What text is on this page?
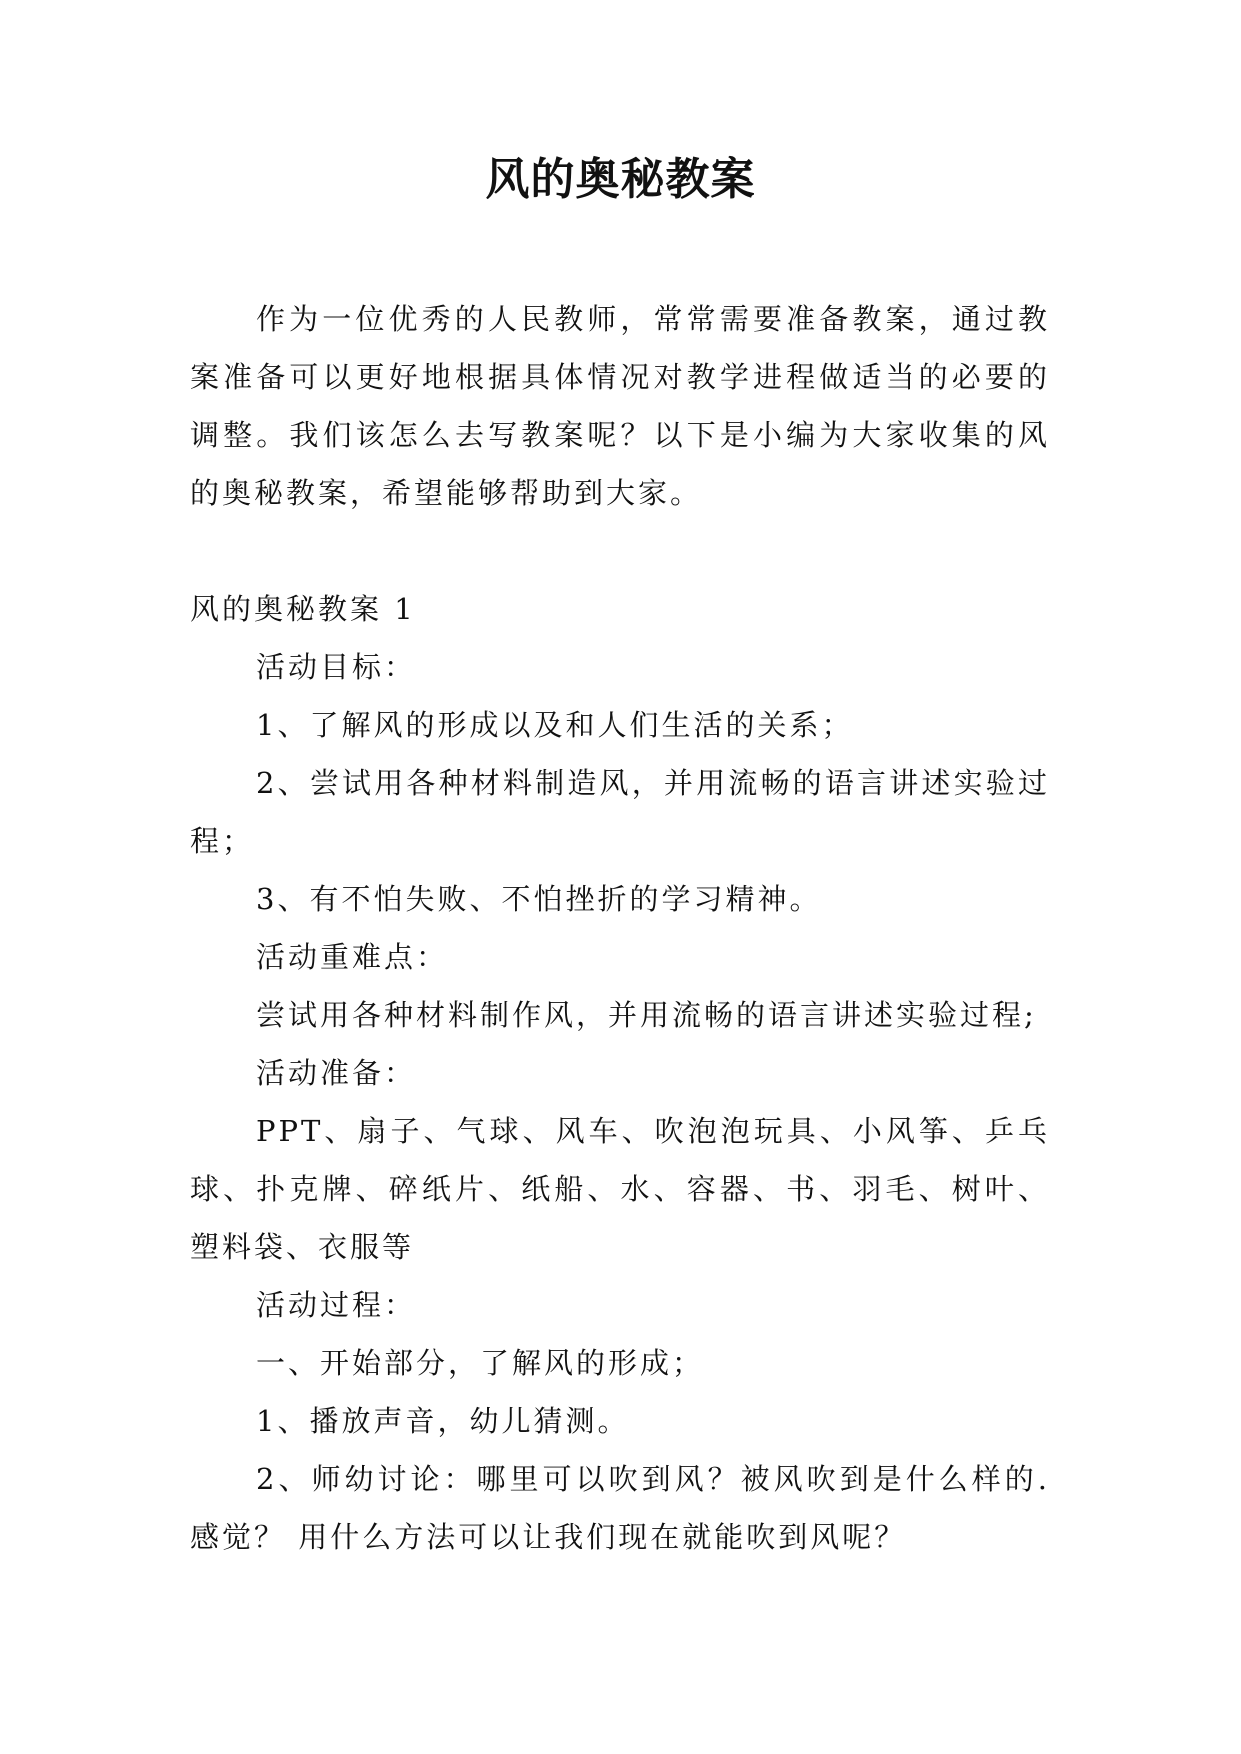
风的奥秘教案

作为一位优秀的人民教师，常常需要准备教案，通过教案准备可以更好地根据具体情况对教学进程做适当的必要的调整。我们该怎么去写教案呢？以下是小编为大家收集的风的奥秘教案，希望能够帮助到大家。

风的奥秘教案 1

活动目标：

1、了解风的形成以及和人们生活的关系；

2、尝试用各种材料制造风，并用流畅的语言讲述实验过程；

3、有不怕失败、不怕挫折的学习精神。

活动重难点：

尝试用各种材料制作风，并用流畅的语言讲述实验过程;

活动准备：

PPT、扇子、气球、风车、吹泡泡玩具、小风筝、乒乓球、扑克牌、碎纸片、纸船、水、容器、书、羽毛、树叶、塑料袋、衣服等

活动过程：

一、开始部分，了解风的形成；

1、播放声音，幼儿猜测。

2、师幼讨论：哪里可以吹到风？被风吹到是什么样的.感觉？ 用什么方法可以让我们现在就能吹到风呢？
